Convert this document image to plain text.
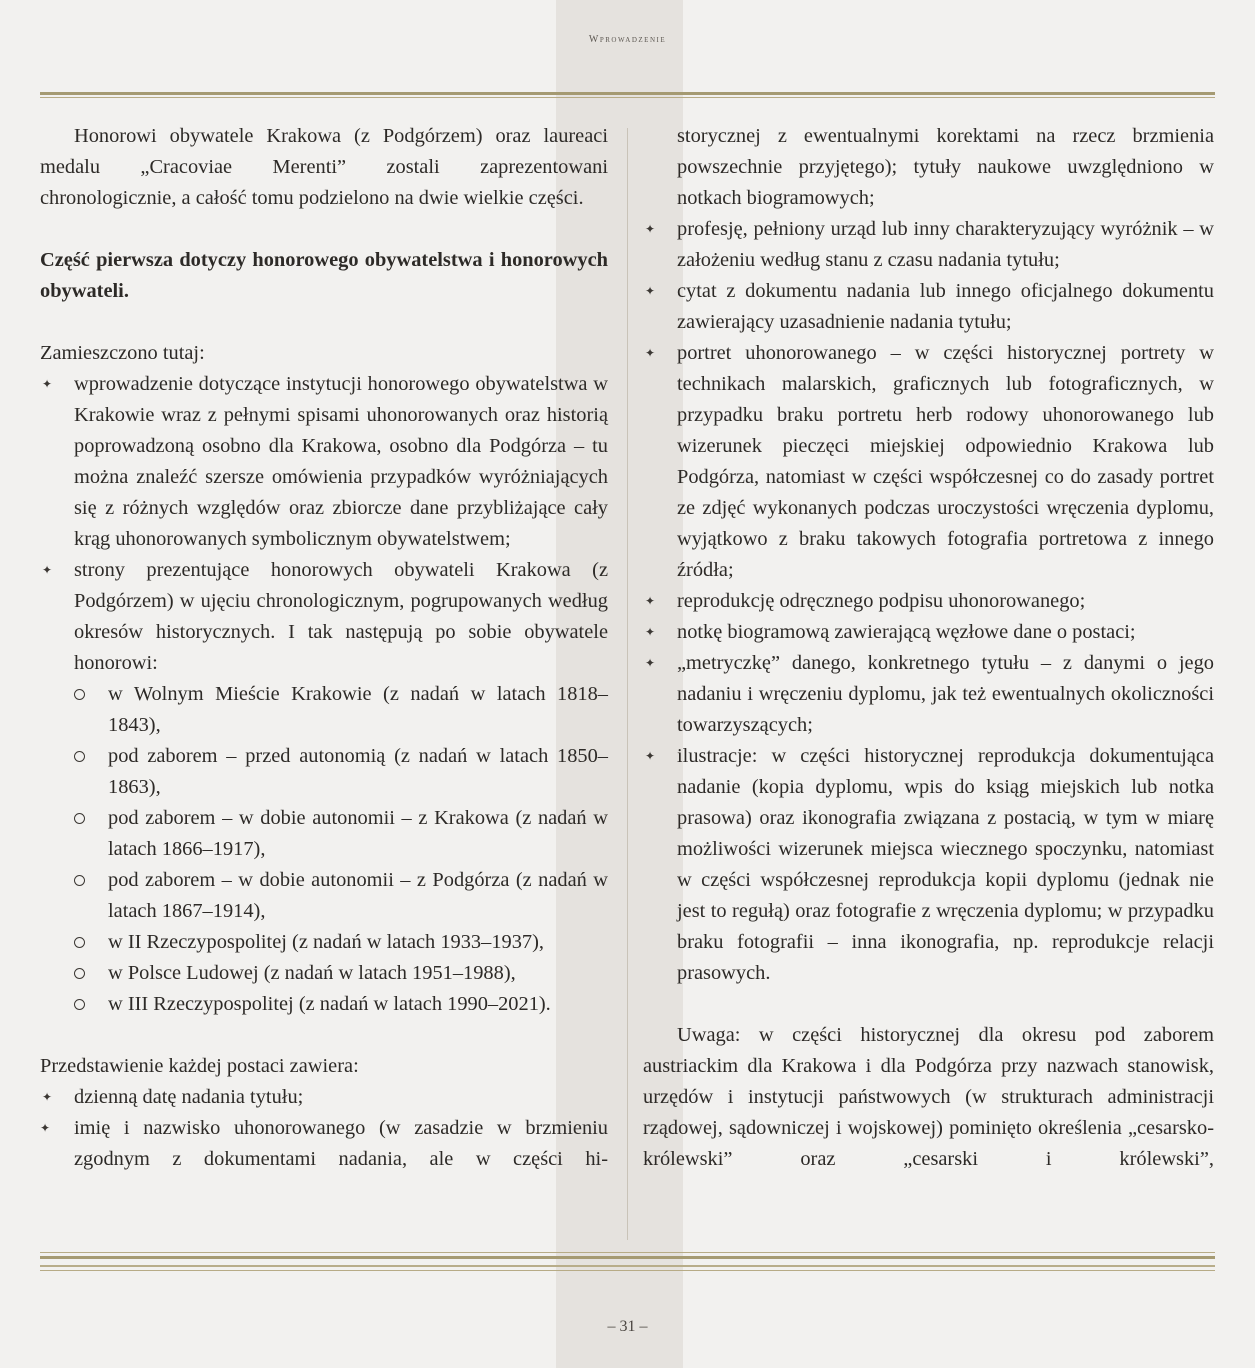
Wprowadzenie

Honorowi obywatele Krakowa (z Podgórzem) oraz laureaci medalu „Cracoviae Merenti” zostali zaprezentowani chronologicznie, a całość tomu podzielono na dwie wielkie części.

Część pierwsza dotyczy honorowego obywatelstwa i honorowych obywateli.

Zamieszczono tutaj:

✦ wprowadzenie dotyczące instytucji honorowego obywatelstwa w Krakowie wraz z pełnymi spisami uhonorowanych oraz historią poprowadzoną osobno dla Krakowa, osobno dla Podgórza – tu można znaleźć szersze omówienia przypadków wyróżniających się z różnych względów oraz zbiorcze dane przybliżające cały krąg uhonorowanych symbolicznym obywatelstwem;
✦ strony prezentujące honorowych obywateli Krakowa (z Podgórzem) w ujęciu chronologicznym, pogrupowanych według okresów historycznych. I tak następują po sobie obywatele honorowi:
w Wolnym Mieście Krakowie (z nadań w latach 1818–1843),
pod zaborem – przed autonomią (z nadań w latach 1850–1863),
pod zaborem – w dobie autonomii – z Krakowa (z nadań w latach 1866–1917),
pod zaborem – w dobie autonomii – z Podgórza (z nadań w latach 1867–1914),
w II Rzeczypospolitej (z nadań w latach 1933–1937),
w Polsce Ludowej (z nadań w latach 1951–1988),
w III Rzeczypospolitej (z nadań w latach 1990–2021).

Przedstawienie każdej postaci zawiera:

✦ dzienną datę nadania tytułu;
✦ imię i nazwisko uhonorowanego (w zasadzie w brzmieniu zgodnym z dokumentami nadania, ale w części hi-
storycznej z ewentualnymi korektami na rzecz brzmienia powszechnie przyjętego); tytuły naukowe uwzględniono w notkach biogramowych;
✦ profesję, pełniony urząd lub inny charakteryzujący wyróżnik – w założeniu według stanu z czasu nadania tytułu;
✦ cytat z dokumentu nadania lub innego oficjalnego dokumentu zawierający uzasadnienie nadania tytułu;
✦ portret uhonorowanego – w części historycznej portrety w technikach malarskich, graficznych lub fotograficznych, w przypadku braku portretu herb rodowy uhonorowanego lub wizerunek pieczęci miejskiej odpowiednio Krakowa lub Podgórza, natomiast w części współczesnej co do zasady portret ze zdjęć wykonanych podczas uroczystości wręczenia dyplomu, wyjątkowo z braku takowych fotografia portretowa z innego źródła;
✦ reprodukcję odręcznego podpisu uhonorowanego;
✦ notkę biogramową zawierającą węzłowe dane o postaci;
✦ „metryczkę” danego, konkretnego tytułu – z danymi o jego nadaniu i wręczeniu dyplomu, jak też ewentualnych okoliczności towarzyszących;
✦ ilustracje: w części historycznej reprodukcja dokumentująca nadanie (kopia dyplomu, wpis do ksiąg miejskich lub notka prasowa) oraz ikonografia związana z postacią, w tym w miarę możliwości wizerunek miejsca wiecznego spoczynku, natomiast w części współczesnej reprodukcja kopii dyplomu (jednak nie jest to regułą) oraz fotografie z wręczenia dyplomu; w przypadku braku fotografii – inna ikonografia, np. reprodukcje relacji prasowych.

Uwaga: w części historycznej dla okresu pod zaborem austriackim dla Krakowa i dla Podgórza przy nazwach stanowisk, urzędów i instytucji państwowych (w strukturach administracji rządowej, sądowniczej i wojskowej) pominięto określenia „cesarsko-królewski” oraz „cesarski i królewski”,

– 31 –
